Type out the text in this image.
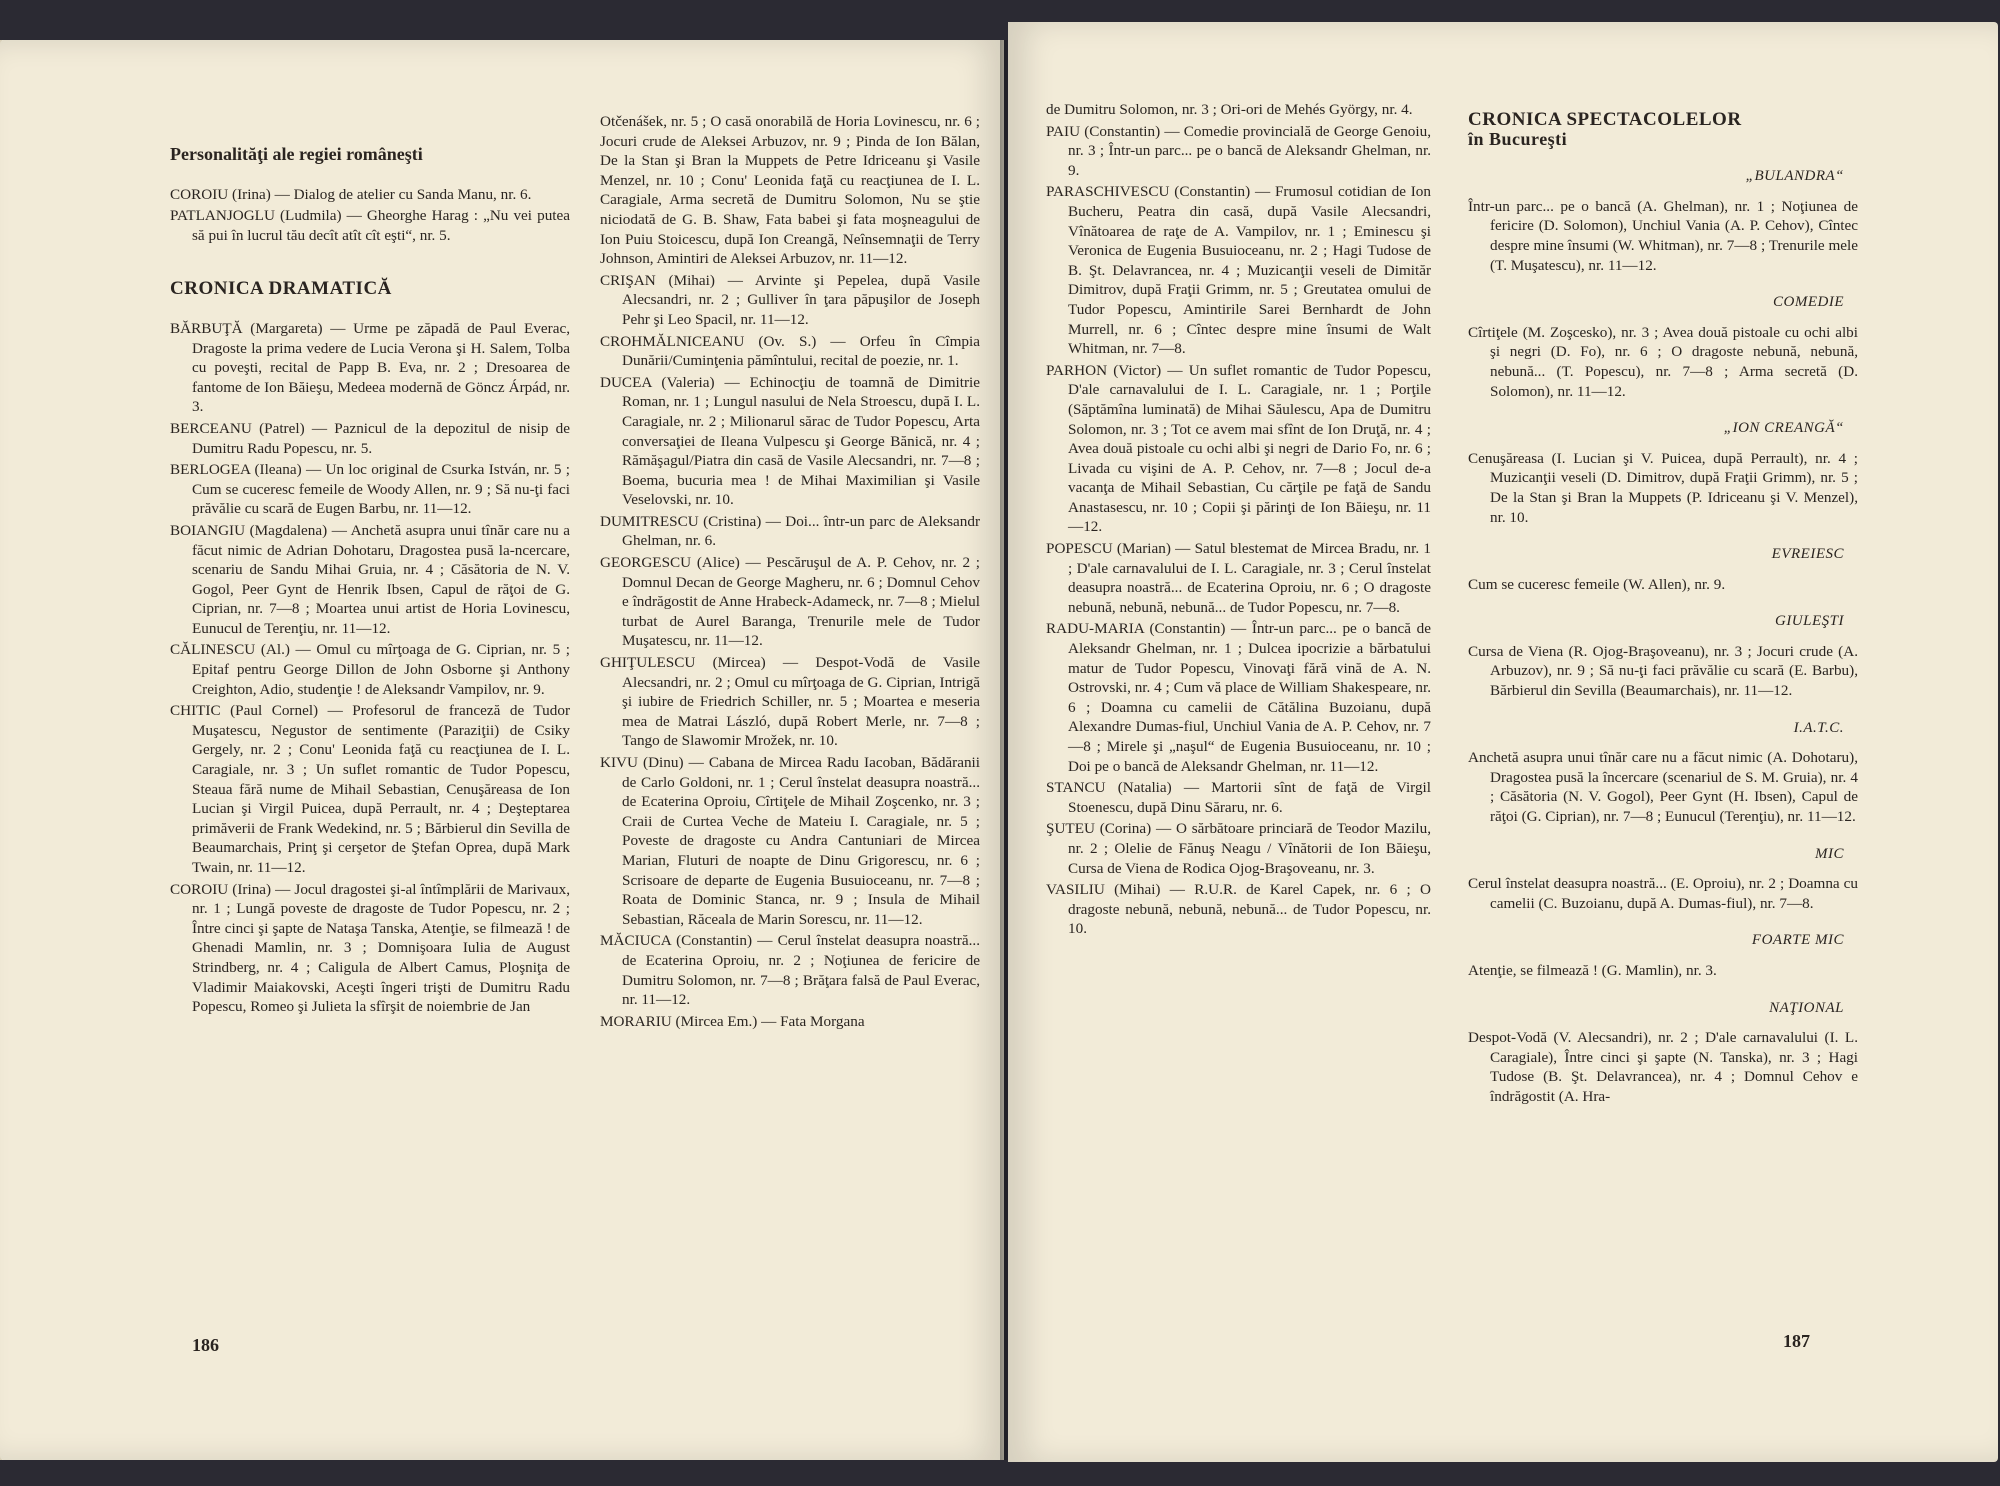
Personalităţi ale regiei româneşti

COROIU (Irina) — Dialog de atelier cu Sanda Manu, nr. 6.

PATLANJOGLU (Ludmila) — Gheorghe Harag : „Nu vei putea să pui în lucrul tău decît atît cît eşti“, nr. 5.

CRONICA DRAMATICĂ

BĂRBUŢĂ (Margareta) — Urme pe zăpadă de Paul Everac, Dragoste la prima vedere de Lucia Verona şi H. Salem, Tolba cu poveşti, recital de Papp B. Eva, nr. 2 ; Dresoarea de fantome de Ion Băieşu, Medeea modernă de Göncz Árpád, nr. 3.

BERCEANU (Patrel) — Paznicul de la depozitul de nisip de Dumitru Radu Popescu, nr. 5.

BERLOGEA (Ileana) — Un loc original de Csurka István, nr. 5 ; Cum se cuceresc femeile de Woody Allen, nr. 9 ; Să nu-ţi faci prăvălie cu scară de Eugen Barbu, nr. 11—12.

BOIANGIU (Magdalena) — Anchetă asupra unui tînăr care nu a făcut nimic de Adrian Dohotaru, Dragostea pusă la-ncercare, scenariu de Sandu Mihai Gruia, nr. 4 ; Căsătoria de N. V. Gogol, Peer Gynt de Henrik Ibsen, Capul de răţoi de G. Ciprian, nr. 7—8 ; Moartea unui artist de Horia Lovinescu, Eunucul de Terenţiu, nr. 11—12.

CĂLINESCU (Al.) — Omul cu mîrţoaga de G. Ciprian, nr. 5 ; Epitaf pentru George Dillon de John Osborne şi Anthony Creighton, Adio, studenţie ! de Aleksandr Vampilov, nr. 9.

CHITIC (Paul Cornel) — Profesorul de franceză de Tudor Muşatescu, Negustor de sentimente (Paraziţii) de Csiky Gergely, nr. 2 ; Conu' Leonida faţă cu reacţiunea de I. L. Caragiale, nr. 3 ; Un suflet romantic de Tudor Popescu, Steaua fără nume de Mihail Sebastian, Cenuşăreasa de Ion Lucian şi Virgil Puicea, după Perrault, nr. 4 ; Deşteptarea primăverii de Frank Wedekind, nr. 5 ; Bărbierul din Sevilla de Beaumarchais, Prinţ şi cerşetor de Ştefan Oprea, după Mark Twain, nr. 11—12.

COROIU (Irina) — Jocul dragostei şi-al întîmplării de Marivaux, nr. 1 ; Lungă poveste de dragoste de Tudor Popescu, nr. 2 ; Între cinci şi şapte de Nataşa Tanska, Atenţie, se filmează ! de Ghenadi Mamlin, nr. 3 ; Domnişoara Iulia de August Strindberg, nr. 4 ; Caligula de Albert Camus, Ploşniţa de Vladimir Maiakovski, Aceşti îngeri trişti de Dumitru Radu Popescu, Romeo şi Julieta la sfîrşit de noiembrie de Jan

Otčenášek, nr. 5 ; O casă onorabilă de Horia Lovinescu, nr. 6 ; Jocuri crude de Aleksei Arbuzov, nr. 9 ; Pinda de Ion Bălan, De la Stan şi Bran la Muppets de Petre Idriceanu şi Vasile Menzel, nr. 10 ; Conu' Leonida faţă cu reacţiunea de I. L. Caragiale, Arma secretă de Dumitru Solomon, Nu se ştie niciodată de G. B. Shaw, Fata babei şi fata moşneagului de Ion Puiu Stoicescu, după Ion Creangă, Neînsemnaţii de Terry Johnson, Amintiri de Aleksei Arbuzov, nr. 11—12.

CRIŞAN (Mihai) — Arvinte şi Pepelea, după Vasile Alecsandri, nr. 2 ; Gulliver în ţara păpuşilor de Joseph Pehr şi Leo Spacil, nr. 11—12.

CROHMĂLNICEANU (Ov. S.) — Orfeu în Cîmpia Dunării/Cuminţenia pămîntului, recital de poezie, nr. 1.

DUCEA (Valeria) — Echinocţiu de toamnă de Dimitrie Roman, nr. 1 ; Lungul nasului de Nela Stroescu, după I. L. Caragiale, nr. 2 ; Milionarul sărac de Tudor Popescu, Arta conversaţiei de Ileana Vulpescu şi George Bănică, nr. 4 ; Rămăşagul/Piatra din casă de Vasile Alecsandri, nr. 7—8 ; Boema, bucuria mea ! de Mihai Maximilian şi Vasile Veselovski, nr. 10.

DUMITRESCU (Cristina) — Doi... într-un parc de Aleksandr Ghelman, nr. 6.

GEORGESCU (Alice) — Pescăruşul de A. P. Cehov, nr. 2 ; Domnul Decan de George Magheru, nr. 6 ; Domnul Cehov e îndrăgostit de Anne Hrabeck-Adameck, nr. 7—8 ; Mielul turbat de Aurel Baranga, Trenurile mele de Tudor Muşatescu, nr. 11—12.

GHIŢULESCU (Mircea) — Despot-Vodă de Vasile Alecsandri, nr. 2 ; Omul cu mîrţoaga de G. Ciprian, Intrigă şi iubire de Friedrich Schiller, nr. 5 ; Moartea e meseria mea de Matrai László, după Robert Merle, nr. 7—8 ; Tango de Slawomir Mrožek, nr. 10.

KIVU (Dinu) — Cabana de Mircea Radu Iacoban, Bădăranii de Carlo Goldoni, nr. 1 ; Cerul înstelat deasupra noastră... de Ecaterina Oproiu, Cîrtiţele de Mihail Zoşcenko, nr. 3 ; Craii de Curtea Veche de Mateiu I. Caragiale, nr. 5 ; Poveste de dragoste cu Andra Cantuniari de Mircea Marian, Fluturi de noapte de Dinu Grigorescu, nr. 6 ; Scrisoare de departe de Eugenia Busuioceanu, nr. 7—8 ; Roata de Dominic Stanca, nr. 9 ; Insula de Mihail Sebastian, Răceala de Marin Sorescu, nr. 11—12.

MĂCIUCA (Constantin) — Cerul înstelat deasupra noastră... de Ecaterina Oproiu, nr. 2 ; Noţiunea de fericire de Dumitru Solomon, nr. 7—8 ; Brăţara falsă de Paul Everac, nr. 11—12.

MORARIU (Mircea Em.) — Fata Morgana

186

de Dumitru Solomon, nr. 3 ; Ori-ori de Mehés György, nr. 4.

PAIU (Constantin) — Comedie provincială de George Genoiu, nr. 3 ; Într-un parc... pe o bancă de Aleksandr Ghelman, nr. 9.

PARASCHIVESCU (Constantin) — Frumosul cotidian de Ion Bucheru, Peatra din casă, după Vasile Alecsandri, Vînătoarea de raţe de A. Vampilov, nr. 1 ; Eminescu şi Veronica de Eugenia Busuioceanu, nr. 2 ; Hagi Tudose de B. Şt. Delavrancea, nr. 4 ; Muzicanţii veseli de Dimităr Dimitrov, după Fraţii Grimm, nr. 5 ; Greutatea omului de Tudor Popescu, Amintirile Sarei Bernhardt de John Murrell, nr. 6 ; Cîntec despre mine însumi de Walt Whitman, nr. 7—8.

PARHON (Victor) — Un suflet romantic de Tudor Popescu, D'ale carnavalului de I. L. Caragiale, nr. 1 ; Porţile (Săptămîna luminată) de Mihai Săulescu, Apa de Dumitru Solomon, nr. 3 ; Tot ce avem mai sfînt de Ion Druţă, nr. 4 ; Avea două pistoale cu ochi albi şi negri de Dario Fo, nr. 6 ; Livada cu vişini de A. P. Cehov, nr. 7—8 ; Jocul de-a vacanţa de Mihail Sebastian, Cu cărţile pe faţă de Sandu Anastasescu, nr. 10 ; Copii şi părinţi de Ion Băieşu, nr. 11—12.

POPESCU (Marian) — Satul blestemat de Mircea Bradu, nr. 1 ; D'ale carnavalului de I. L. Caragiale, nr. 3 ; Cerul înstelat deasupra noastră... de Ecaterina Oproiu, nr. 6 ; O dragoste nebună, nebună, nebună... de Tudor Popescu, nr. 7—8.

RADU-MARIA (Constantin) — Într-un parc... pe o bancă de Aleksandr Ghelman, nr. 1 ; Dulcea ipocrizie a bărbatului matur de Tudor Popescu, Vinovaţi fără vină de A. N. Ostrovski, nr. 4 ; Cum vă place de William Shakespeare, nr. 6 ; Doamna cu camelii de Cătălina Buzoianu, după Alexandre Dumas-fiul, Unchiul Vania de A. P. Cehov, nr. 7—8 ; Mirele şi „naşul“ de Eugenia Busuioceanu, nr. 10 ; Doi pe o bancă de Aleksandr Ghelman, nr. 11—12.

STANCU (Natalia) — Martorii sînt de faţă de Virgil Stoenescu, după Dinu Săraru, nr. 6.

ŞUTEU (Corina) — O sărbătoare princiară de Teodor Mazilu, nr. 2 ; Olelie de Fănuş Neagu / Vînătorii de Ion Băieşu, Cursa de Viena de Rodica Ojog-Braşoveanu, nr. 3.

VASILIU (Mihai) — R.U.R. de Karel Capek, nr. 6 ; O dragoste nebună, nebună, nebună... de Tudor Popescu, nr. 10.

CRONICA SPECTACOLELOR
în Bucureşti
„BULANDRA“

Într-un parc... pe o bancă (A. Ghelman), nr. 1 ; Noţiunea de fericire (D. Solomon), Unchiul Vania (A. P. Cehov), Cîntec despre mine însumi (W. Whitman), nr. 7—8 ; Trenurile mele (T. Muşatescu), nr. 11—12.

COMEDIE

Cîrtiţele (M. Zoşcesko), nr. 3 ; Avea două pistoale cu ochi albi şi negri (D. Fo), nr. 6 ; O dragoste nebună, nebună, nebună... (T. Popescu), nr. 7—8 ; Arma secretă (D. Solomon), nr. 11—12.

„ION CREANGĂ“

Cenuşăreasa (I. Lucian şi V. Puicea, după Perrault), nr. 4 ; Muzicanţii veseli (D. Dimitrov, după Fraţii Grimm), nr. 5 ; De la Stan şi Bran la Muppets (P. Idriceanu şi V. Menzel), nr. 10.

EVREIESC

Cum se cuceresc femeile (W. Allen), nr. 9.

GIULEŞTI

Cursa de Viena (R. Ojog-Braşoveanu), nr. 3 ; Jocuri crude (A. Arbuzov), nr. 9 ; Să nu-ţi faci prăvălie cu scară (E. Barbu), Bărbierul din Sevilla (Beaumarchais), nr. 11—12.

I.A.T.C.

Anchetă asupra unui tînăr care nu a făcut nimic (A. Dohotaru), Dragostea pusă la încercare (scenariul de S. M. Gruia), nr. 4 ; Căsătoria (N. V. Gogol), Peer Gynt (H. Ibsen), Capul de răţoi (G. Ciprian), nr. 7—8 ; Eunucul (Terenţiu), nr. 11—12.

MIC

Cerul înstelat deasupra noastră... (E. Oproiu), nr. 2 ; Doamna cu camelii (C. Buzoianu, după A. Dumas-fiul), nr. 7—8.

FOARTE MIC

Atenţie, se filmează ! (G. Mamlin), nr. 3.

NAŢIONAL

Despot-Vodă (V. Alecsandri), nr. 2 ; D'ale carnavalului (I. L. Caragiale), Între cinci şi şapte (N. Tanska), nr. 3 ; Hagi Tudose (B. Şt. Delavrancea), nr. 4 ; Domnul Cehov e îndrăgostit (A. Hra-

187
